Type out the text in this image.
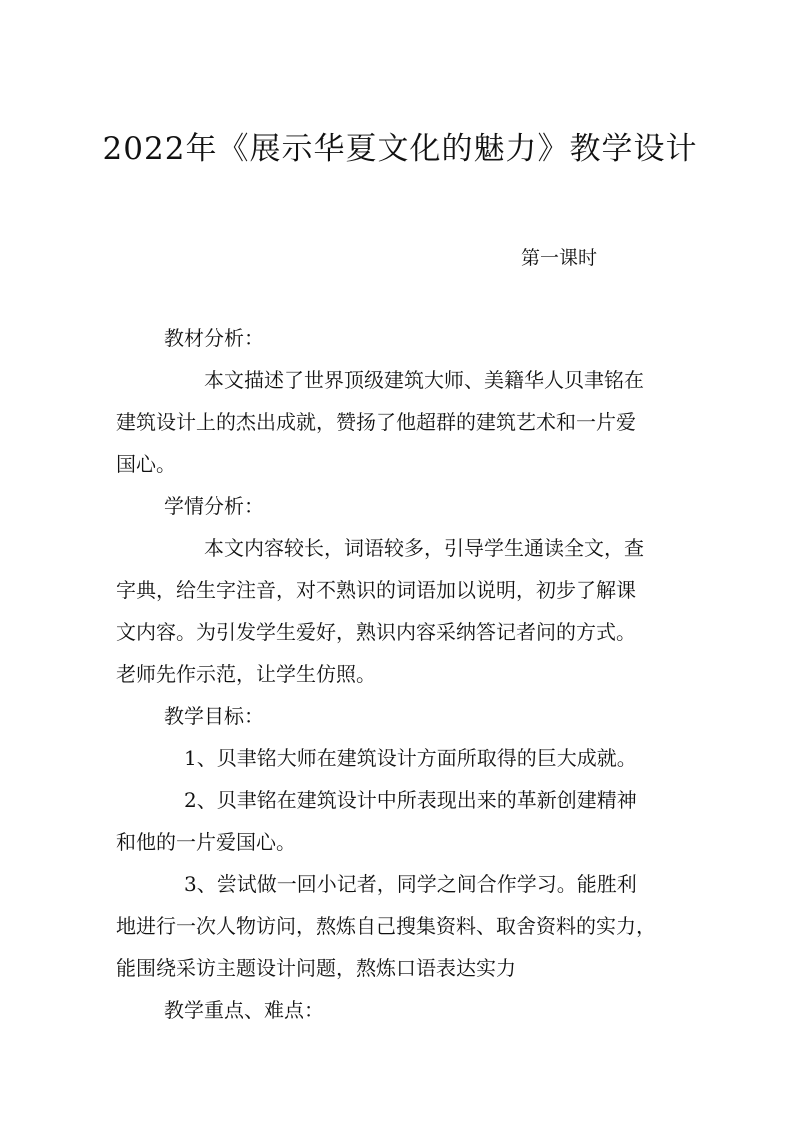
2022年《展示华夏文化的魅力》教学设计
第一课时

教材分析：

本文描述了世界顶级建筑大师、美籍华人贝聿铭在

建筑设计上的杰出成就，赞扬了他超群的建筑艺术和一片爱

国心。

学情分析：

本文内容较长，词语较多，引导学生通读全文，查

字典，给生字注音，对不熟识的词语加以说明，初步了解课

文内容。为引发学生爱好，熟识内容采纳答记者问的方式。

老师先作示范，让学生仿照。

教学目标：

1、贝聿铭大师在建筑设计方面所取得的巨大成就。

2、贝聿铭在建筑设计中所表现出来的革新创建精神

和他的一片爱国心。

3、尝试做一回小记者，同学之间合作学习。能胜利

地进行一次人物访问，熬炼自己搜集资料、取舍资料的实力，

能围绕采访主题设计问题，熬炼口语表达实力

教学重点、难点：
